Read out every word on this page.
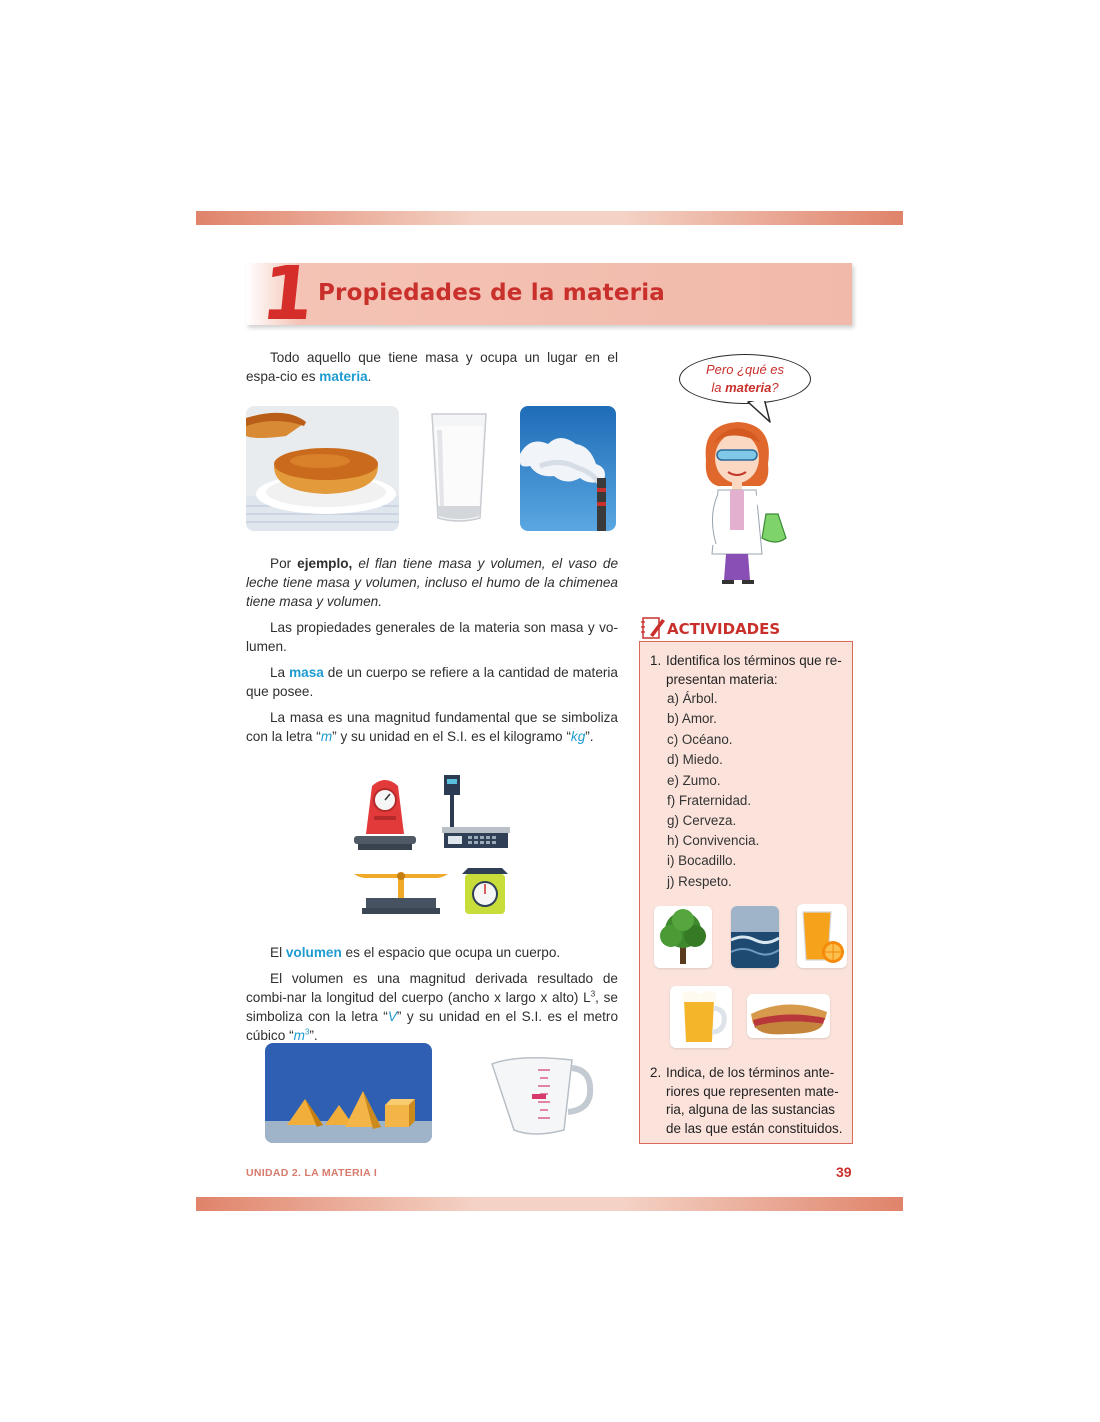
1 Propiedades de la materia

Todo aquello que tiene masa y ocupa un lugar en el espa-cio es materia.

Por ejemplo, el flan tiene masa y volumen, el vaso de leche tiene masa y volumen, incluso el humo de la chimenea tiene masa y volumen.

Las propiedades generales de la materia son masa y vo-lumen.

La masa de un cuerpo se refiere a la cantidad de materia que posee.

La masa es una magnitud fundamental que se simboliza con la letra “m” y su unidad en el S.I. es el kilogramo “kg”.

El volumen es el espacio que ocupa un cuerpo.

El volumen es una magnitud derivada resultado de combi-nar la longitud del cuerpo (ancho x largo x alto) $L^3$, se simboliza con la letra “V” y su unidad en el S.I. es el metro cúbico “$m^3$”.

Pero ¿qué es
la materia?
ACTIVIDADES
1. Identifica los términos que re-presentan materia:
a) Árbol.
b) Amor.
c) Océano.
d) Miedo.
e) Zumo.
f) Fraternidad.
g) Cerveza.
h) Convivencia.
i) Bocadillo.
j) Respeto.
2. Indica, de los términos ante-riores que representen mate-ria, alguna de las sustancias de las que están constituidos.
UNIDAD 2. LA MATERIA I	39
